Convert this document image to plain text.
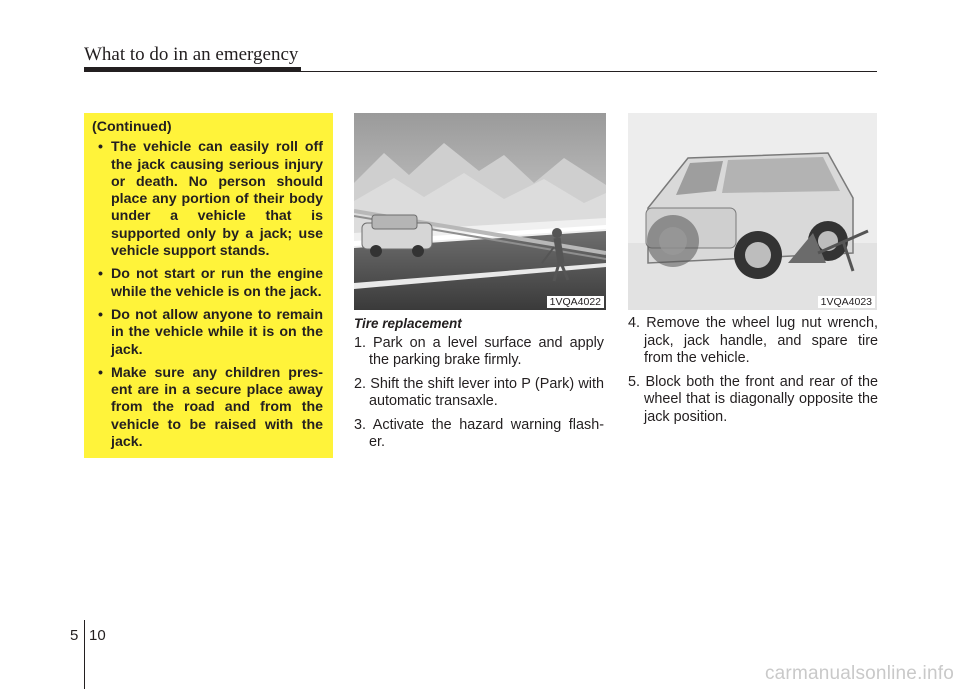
What to do in an emergency

(Continued)

• The vehicle can easily roll off the jack causing serious injury or death. No person should place any portion of their body under a vehicle that is supported only by a jack; use vehicle support stands.
• Do not start or run the engine while the vehicle is on the jack.
• Do not allow anyone to remain in the vehicle while it is on the jack.
• Make sure any children pres- ent are in a secure place away from the road and from the vehicle to be raised with the jack.
1VQA4022	1VQA4023

Tire replacement

1. Park on a level surface and apply the parking brake firmly.

2. Shift the shift lever into P (Park) with automatic transaxle.

3. Activate the hazard warning flash- er.

4. Remove the wheel lug nut wrench, jack, jack handle, and spare tire from the vehicle.

5. Block both the front and rear of the wheel that is diagonally opposite the jack position.

5 10
carmanualsonline.info
